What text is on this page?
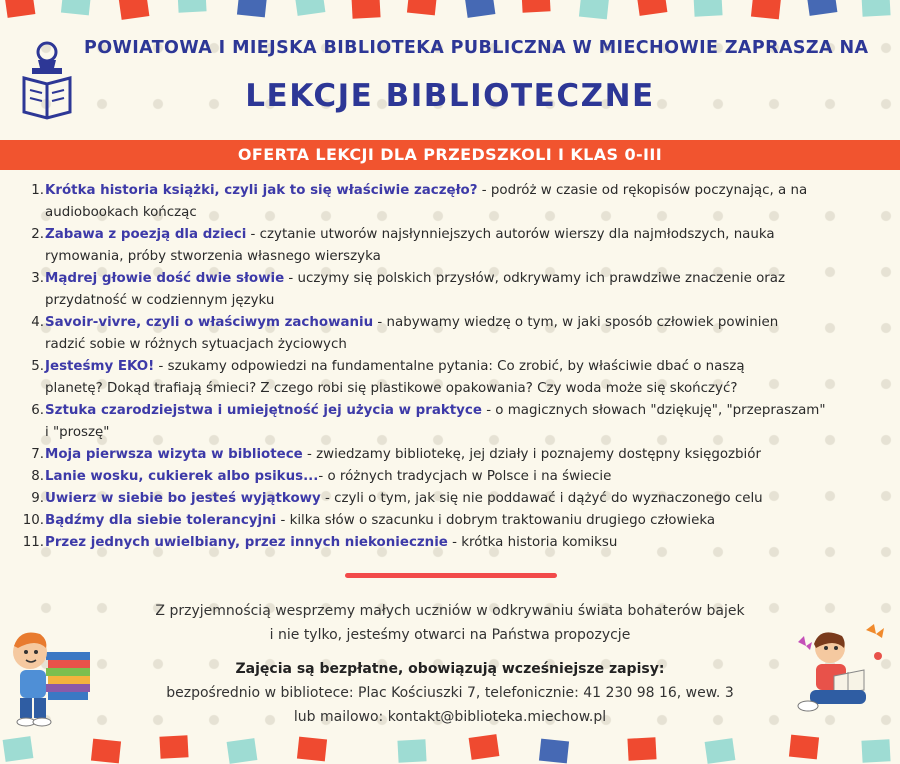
POWIATOWA I MIEJSKA BIBLIOTEKA PUBLICZNA W MIECHOWIE ZAPRASZA NA
LEKCJE BIBLIOTECZNE
OFERTA LEKCJI DLA PRZEDSZKOLI I KLAS 0-III
1. Krótka historia książki, czyli jak to się właściwie zaczęło? - podróż w czasie od rękopisów poczynając, a na
audiobookach kończąc
2. Zabawa z poezją dla dzieci - czytanie utworów najsłynniejszych autorów wierszy dla najmłodszych, nauka
rymowania, próby stworzenia własnego wierszyka
3. Mądrej głowie dość dwie słowie - uczymy się polskich przysłów, odkrywamy ich prawdziwe znaczenie oraz
przydatność w codziennym języku
4. Savoir-vivre, czyli o właściwym zachowaniu - nabywamy wiedzę o tym, w jaki sposób człowiek powinien
radzić sobie w różnych sytuacjach życiowych
5. Jesteśmy EKO! - szukamy odpowiedzi na fundamentalne pytania: Co zrobić, by właściwie dbać o naszą
planetę? Dokąd trafiają śmieci? Z czego robi się plastikowe opakowania? Czy woda może się skończyć?
6. Sztuka czarodziejstwa i umiejętność jej użycia w praktyce - o magicznych słowach "dziękuję", "przepraszam"
i "proszę"
7. Moja pierwsza wizyta w bibliotece - zwiedzamy bibliotekę, jej działy i poznajemy dostępny księgozbiór
8. Lanie wosku, cukierek albo psikus...- o różnych tradycjach w Polsce i na świecie
9. Uwierz w siebie bo jesteś wyjątkowy - czyli o tym, jak się nie poddawać i dążyć do wyznaczonego celu
10. Bądźmy dla siebie tolerancyjni - kilka słów o szacunku i dobrym traktowaniu drugiego człowieka
11. Przez jednych uwielbiany, przez innych niekoniecznie - krótka historia komiksu
Z przyjemnością wesprzemy małych uczniów w odkrywaniu świata bohaterów bajek
i nie tylko, jesteśmy otwarci na Państwa propozycje
Zajęcia są bezpłatne, obowiązują wcześniejsze zapisy:
bezpośrednio w bibliotece: Plac Kościuszki 7, telefonicznie: 41 230 98 16, wew. 3
lub mailowo: kontakt@biblioteka.miechow.pl
